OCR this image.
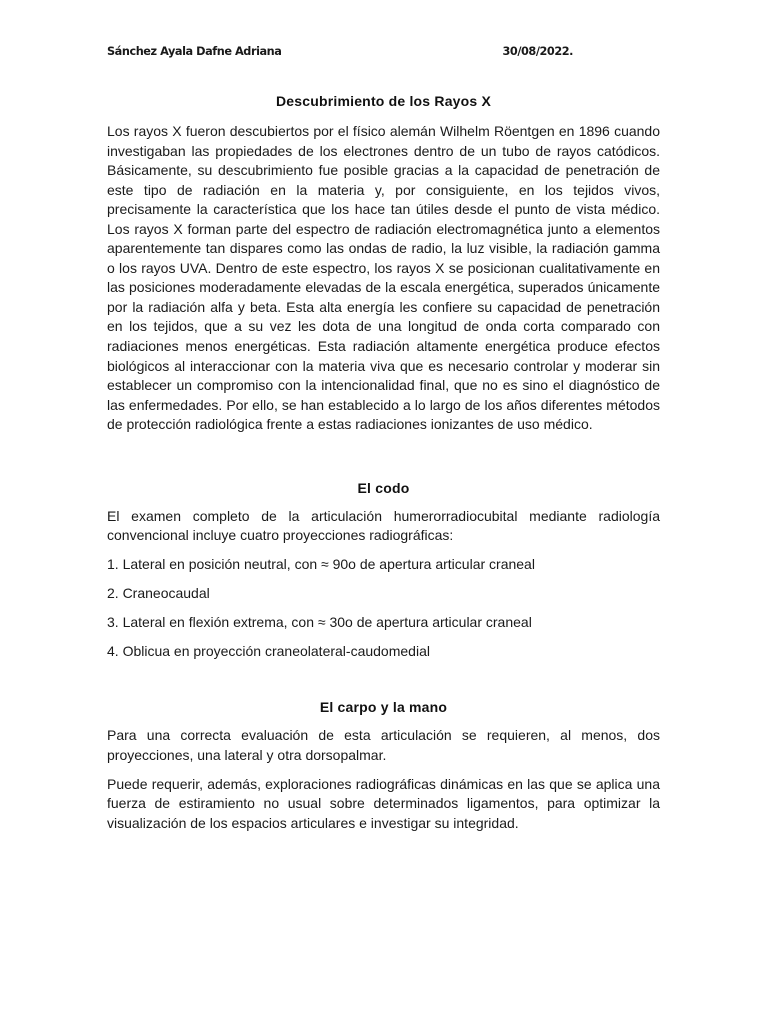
Sánchez Ayala Dafne Adriana	30/08/2022.
Descubrimiento de los Rayos X

Los rayos X fueron descubiertos por el físico alemán Wilhelm Röentgen en 1896 cuando investigaban las propiedades de los electrones dentro de un tubo de rayos catódicos. Básicamente, su descubrimiento fue posible gracias a la capacidad de penetración de este tipo de radiación en la materia y, por consiguiente, en los tejidos vivos, precisamente la característica que los hace tan útiles desde el punto de vista médico. Los rayos X forman parte del espectro de radiación electromagnética junto a elementos aparentemente tan dispares como las ondas de radio, la luz visible, la radiación gamma o los rayos UVA. Dentro de este espectro, los rayos X se posicionan cualitativamente en las posiciones moderadamente elevadas de la escala energética, superados únicamente por la radiación alfa y beta. Esta alta energía les confiere su capacidad de penetración en los tejidos, que a su vez les dota de una longitud de onda corta comparado con radiaciones menos energéticas. Esta radiación altamente energética produce efectos biológicos al interaccionar con la materia viva que es necesario controlar y moderar sin establecer un compromiso con la intencionalidad final, que no es sino el diagnóstico de las enfermedades. Por ello, se han establecido a lo largo de los años diferentes métodos de protección radiológica frente a estas radiaciones ionizantes de uso médico.

El codo

El examen completo de la articulación humerorradiocubital mediante radiología convencional incluye cuatro proyecciones radiográficas:

1. Lateral en posición neutral, con ≈ 90o de apertura articular craneal
2. Craneocaudal
3. Lateral en flexión extrema, con ≈ 30o de apertura articular craneal
4. Oblicua en proyección craneolateral-caudomedial
El carpo y la mano

Para una correcta evaluación de esta articulación se requieren, al menos, dos proyecciones, una lateral y otra dorsopalmar.

Puede requerir, además, exploraciones radiográficas dinámicas en las que se aplica una fuerza de estiramiento no usual sobre determinados ligamentos, para optimizar la visualización de los espacios articulares e investigar su integridad.
